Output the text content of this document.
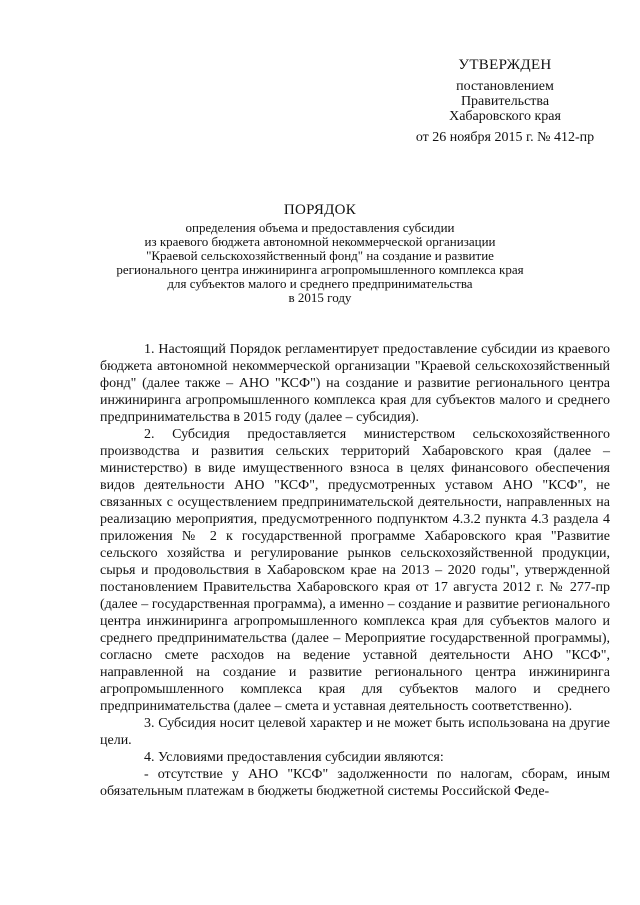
УТВЕРЖДЕН
постановлением
Правительства
Хабаровского края
от 26 ноября 2015 г. № 412-пр
ПОРЯДОК
определения объема и предоставления субсидии
из краевого бюджета автономной некоммерческой организации
"Краевой сельскохозяйственный фонд" на создание и развитие
регионального центра инжиниринга агропромышленного комплекса края
для субъектов малого и среднего предпринимательства
в 2015 году

1. Настоящий Порядок регламентирует предоставление субсидии из краевого бюджета автономной некоммерческой организации "Краевой сельскохозяйственный фонд" (далее также – АНО "КСФ") на создание и развитие регионального центра инжиниринга агропромышленного комплекса края для субъектов малого и среднего предпринимательства в 2015 году (далее – субсидия).

2. Субсидия предоставляется министерством сельскохозяйственного производства и развития сельских территорий Хабаровского края (далее – министерство) в виде имущественного взноса в целях финансового обеспечения видов деятельности АНО "КСФ", предусмотренных уставом АНО "КСФ", не связанных с осуществлением предпринимательской деятельности, направленных на реализацию мероприятия, предусмотренного подпунктом 4.3.2 пункта 4.3 раздела 4 приложения № 2 к государственной программе Хабаровского края "Развитие сельского хозяйства и регулирование рынков сельскохозяйственной продукции, сырья и продовольствия в Хабаровском крае на 2013 – 2020 годы", утвержденной постановлением Правительства Хабаровского края от 17 августа 2012 г. № 277-пр (далее – государственная программа), а именно – создание и развитие регионального центра инжиниринга агропромышленного комплекса края для субъектов малого и среднего предпринимательства (далее – Мероприятие государственной программы), согласно смете расходов на ведение уставной деятельности АНО "КСФ", направленной на создание и развитие регионального центра инжиниринга агропромышленного комплекса края для субъектов малого и среднего предпринимательства (далее – смета и уставная деятельность соответственно).

3. Субсидия носит целевой характер и не может быть использована на другие цели.

4. Условиями предоставления субсидии являются:

- отсутствие у АНО "КСФ" задолженности по налогам, сборам, иным обязательным платежам в бюджеты бюджетной системы Российской Феде-
